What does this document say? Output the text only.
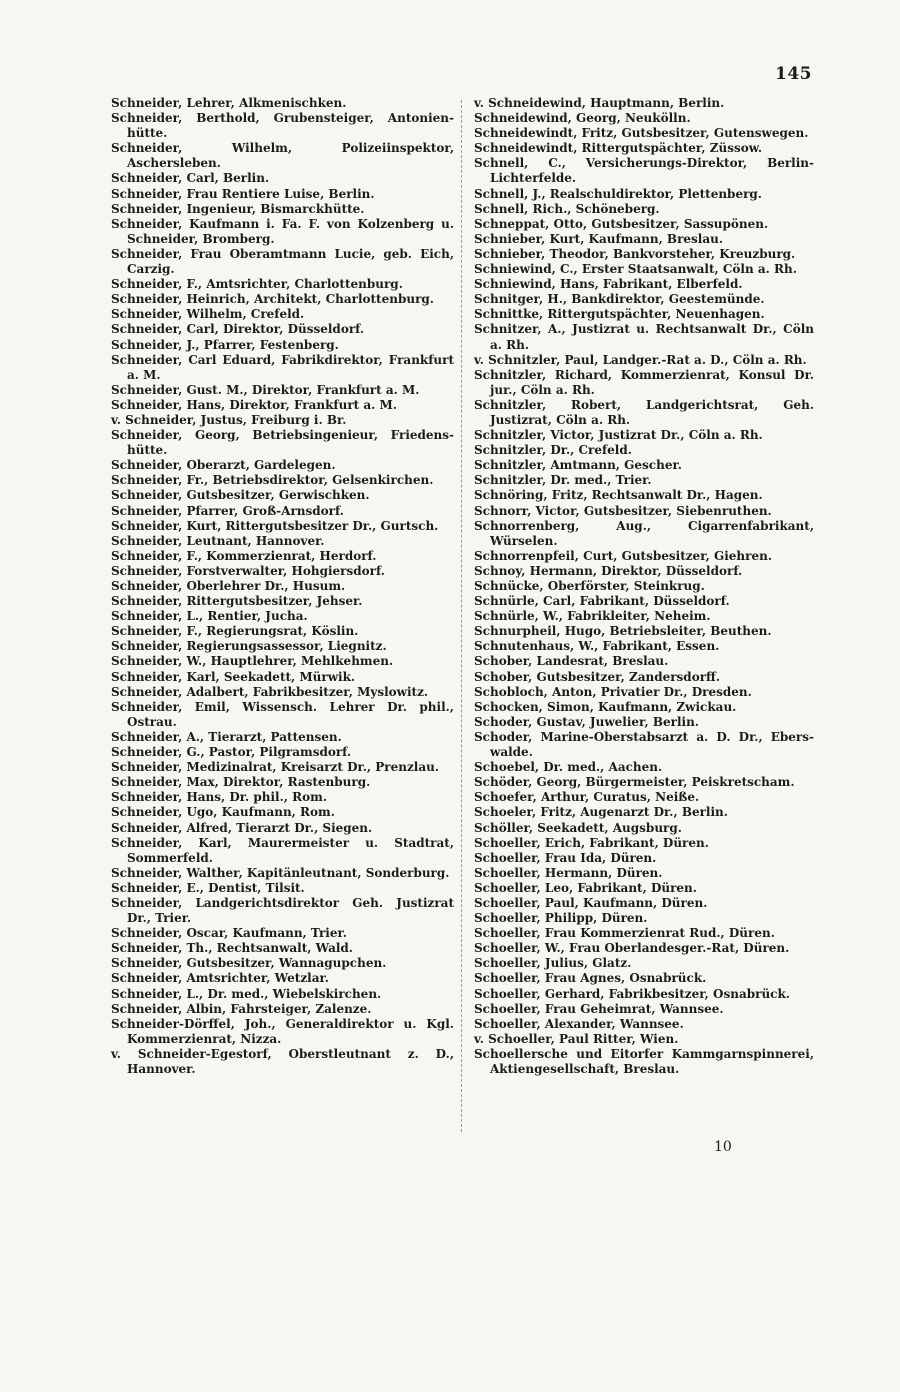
145
Schneider, Lehrer, Alkmenischken.
Schneider, Berthold, Grubensteiger, Antonien-hütte.
Schneider, Wilhelm, Polizeiinspektor, Aschersleben.
Schneider, Carl, Berlin.
Schneider, Frau Rentiere Luise, Berlin.
Schneider, Ingenieur, Bismarckhütte.
Schneider, Kaufmann i. Fa. F. von Kolzenberg u. Schneider, Bromberg.
Schneider, Frau Oberamtmann Lucie, geb. Eich, Carzig.
Schneider, F., Amtsrichter, Charlottenburg.
Schneider, Heinrich, Architekt, Charlottenburg.
Schneider, Wilhelm, Crefeld.
Schneider, Carl, Direktor, Düsseldorf.
Schneider, J., Pfarrer, Festenberg.
Schneider, Carl Eduard, Fabrikdirektor, Frankfurt a. M.
Schneider, Gust. M., Direktor, Frankfurt a. M.
Schneider, Hans, Direktor, Frankfurt a. M.
v. Schneider, Justus, Freiburg i. Br.
Schneider, Georg, Betriebsingenieur, Friedens-hütte.
Schneider, Oberarzt, Gardelegen.
Schneider, Fr., Betriebsdirektor, Gelsenkirchen.
Schneider, Gutsbesitzer, Gerwischken.
Schneider, Pfarrer, Groß-Arnsdorf.
Schneider, Kurt, Rittergutsbesitzer Dr., Gurtsch.
Schneider, Leutnant, Hannover.
Schneider, F., Kommerzienrat, Herdorf.
Schneider, Forstverwalter, Hohgiersdorf.
Schneider, Oberlehrer Dr., Husum.
Schneider, Rittergutsbesitzer, Jehser.
Schneider, L., Rentier, Jucha.
Schneider, F., Regierungsrat, Köslin.
Schneider, Regierungsassessor, Liegnitz.
Schneider, W., Hauptlehrer, Mehlkehmen.
Schneider, Karl, Seekadett, Mürwik.
Schneider, Adalbert, Fabrikbesitzer, Myslowitz.
Schneider, Emil, Wissensch. Lehrer Dr. phil., Ostrau.
Schneider, A., Tierarzt, Pattensen.
Schneider, G., Pastor, Pilgramsdorf.
Schneider, Medizinalrat, Kreisarzt Dr., Prenzlau.
Schneider, Max, Direktor, Rastenburg.
Schneider, Hans, Dr. phil., Rom.
Schneider, Ugo, Kaufmann, Rom.
Schneider, Alfred, Tierarzt Dr., Siegen.
Schneider, Karl, Maurermeister u. Stadtrat, Sommerfeld.
Schneider, Walther, Kapitänleutnant, Sonderburg.
Schneider, E., Dentist, Tilsit.
Schneider, Landgerichtsdirektor Geh. Justizrat Dr., Trier.
Schneider, Oscar, Kaufmann, Trier.
Schneider, Th., Rechtsanwalt, Wald.
Schneider, Gutsbesitzer, Wannagupchen.
Schneider, Amtsrichter, Wetzlar.
Schneider, L., Dr. med., Wiebelskirchen.
Schneider, Albin, Fahrsteiger, Zalenze.
Schneider-Dörffel, Joh., Generaldirektor u. Kgl. Kommerzienrat, Nizza.
v. Schneider-Egestorf, Oberstleutnant z. D., Hannover.
v. Schneidewind, Hauptmann, Berlin.
Schneidewind, Georg, Neukölln.
Schneidewindt, Fritz, Gutsbesitzer, Gutenswegen.
Schneidewindt, Rittergutspächter, Züssow.
Schnell, C., Versicherungs-Direktor, Berlin-Lichterfelde.
Schnell, J., Realschuldirektor, Plettenberg.
Schnell, Rich., Schöneberg.
Schneppat, Otto, Gutsbesitzer, Sassupönen.
Schnieber, Kurt, Kaufmann, Breslau.
Schnieber, Theodor, Bankvorsteher, Kreuzburg.
Schniewind, C., Erster Staatsanwalt, Cöln a. Rh.
Schniewind, Hans, Fabrikant, Elberfeld.
Schnitger, H., Bankdirektor, Geestemünde.
Schnittke, Rittergutspächter, Neuenhagen.
Schnitzer, A., Justizrat u. Rechtsanwalt Dr., Cöln a. Rh.
v. Schnitzler, Paul, Landger.-Rat a. D., Cöln a. Rh.
Schnitzler, Richard, Kommerzienrat, Konsul Dr. jur., Cöln a. Rh.
Schnitzler, Robert, Landgerichtsrat, Geh. Justizrat, Cöln a. Rh.
Schnitzler, Victor, Justizrat Dr., Cöln a. Rh.
Schnitzler, Dr., Crefeld.
Schnitzler, Amtmann, Gescher.
Schnitzler, Dr. med., Trier.
Schnöring, Fritz, Rechtsanwalt Dr., Hagen.
Schnorr, Victor, Gutsbesitzer, Siebenruthen.
Schnorrenberg, Aug., Cigarrenfabrikant, Würselen.
Schnorrenpfeil, Curt, Gutsbesitzer, Giehren.
Schnoy, Hermann, Direktor, Düsseldorf.
Schnücke, Oberförster, Steinkrug.
Schnürle, Carl, Fabrikant, Düsseldorf.
Schnürle, W., Fabrikleiter, Neheim.
Schnurpheil, Hugo, Betriebsleiter, Beuthen.
Schnutenhaus, W., Fabrikant, Essen.
Schober, Landesrat, Breslau.
Schober, Gutsbesitzer, Zandersdorff.
Schobloch, Anton, Privatier Dr., Dresden.
Schocken, Simon, Kaufmann, Zwickau.
Schoder, Gustav, Juwelier, Berlin.
Schoder, Marine-Oberstabsarzt a. D. Dr., Ebers-walde.
Schoebel, Dr. med., Aachen.
Schöder, Georg, Bürgermeister, Peiskretscham.
Schoefer, Arthur, Curatus, Neiße.
Schoeler, Fritz, Augenarzt Dr., Berlin.
Schöller, Seekadett, Augsburg.
Schoeller, Erich, Fabrikant, Düren.
Schoeller, Frau Ida, Düren.
Schoeller, Hermann, Düren.
Schoeller, Leo, Fabrikant, Düren.
Schoeller, Paul, Kaufmann, Düren.
Schoeller, Philipp, Düren.
Schoeller, Frau Kommerzienrat Rud., Düren.
Schoeller, W., Frau Oberlandesger.-Rat, Düren.
Schoeller, Julius, Glatz.
Schoeller, Frau Agnes, Osnabrück.
Schoeller, Gerhard, Fabrikbesitzer, Osnabrück.
Schoeller, Frau Geheimrat, Wannsee.
Schoeller, Alexander, Wannsee.
v. Schoeller, Paul Ritter, Wien.
Schoellersche und Eitorfer Kammgarnspinnerei, Aktiengesellschaft, Breslau.
10
